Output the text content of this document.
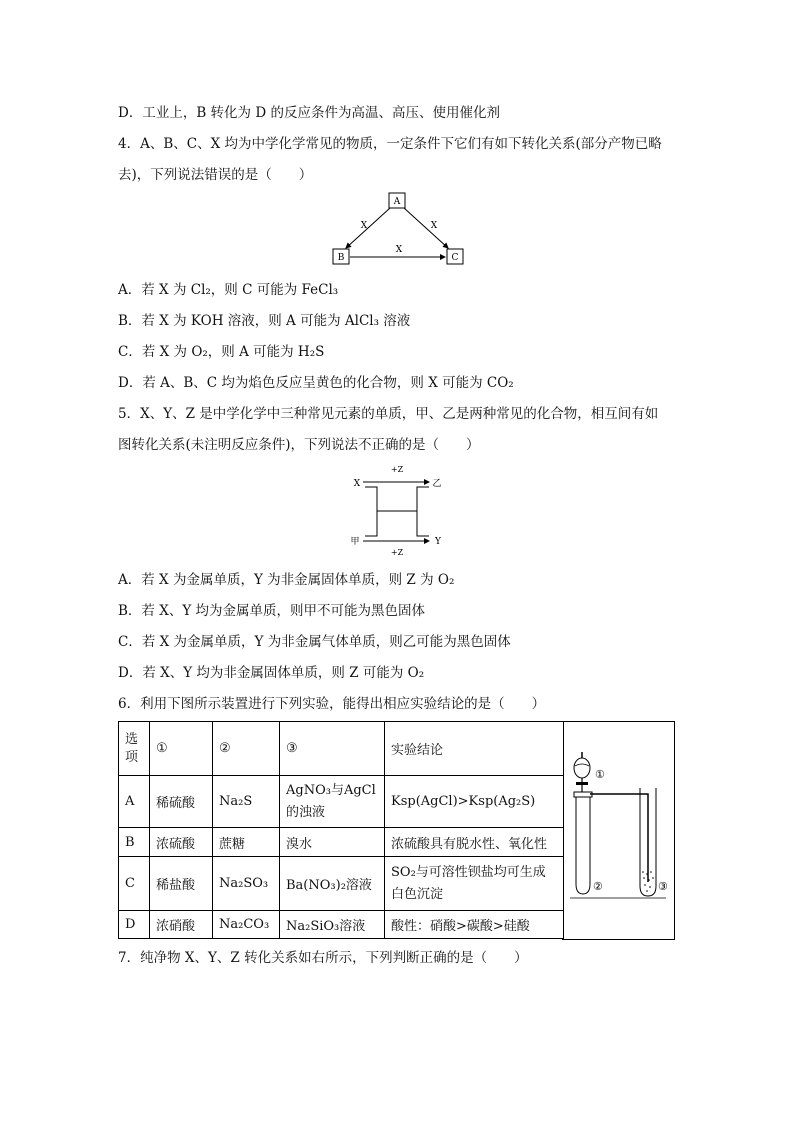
D．工业上，B 转化为 D 的反应条件为高温、高压、使用催化剂
4．A、B、C、X 均为中学化学常见的物质，一定条件下它们有如下转化关系(部分产物已略
去)，下列说法错误的是（　　）
A
B	C
X	X
X
A．若 X 为 Cl₂，则 C 可能为 FeCl₃
B．若 X 为 KOH 溶液，则 A 可能为 AlCl₃ 溶液
C．若 X 为 O₂，则 A 可能为 H₂S
D．若 A、B、C 均为焰色反应呈黄色的化合物，则 X 可能为 CO₂
5．X、Y、Z 是中学化学中三种常见元素的单质，甲、乙是两种常见的化合物，相互间有如
图转化关系(未注明反应条件)，下列说法不正确的是（　　）
+Z
X	乙
甲	Y
+Z
A．若 X 为金属单质，Y 为非金属固体单质，则 Z 为 O₂
B．若 X、Y 均为金属单质，则甲不可能为黑色固体
C．若 X 为金属单质，Y 为非金属气体单质，则乙可能为黑色固体
D．若 X、Y 均为非金属固体单质，则 Z 可能为 O₂
6．利用下图所示装置进行下列实验，能得出相应实验结论的是（　　）
选项	①	②	③	实验结论
A	稀硫酸	Na₂S	AgNO₃与AgCl的浊液	Ksp(AgCl)>Ksp(Ag₂S)
B	浓硫酸	蔗糖	溴水	浓硫酸具有脱水性、氧化性
C	稀盐酸	Na₂SO₃	Ba(NO₃)₂溶液	SO₂与可溶性钡盐均可生成白色沉淀
D	浓硝酸	Na₂CO₃	Na₂SiO₃溶液	酸性：硝酸>碳酸>硅酸
①
②	③
7．纯净物 X、Y、Z 转化关系如右所示，下列判断正确的是（　　）
